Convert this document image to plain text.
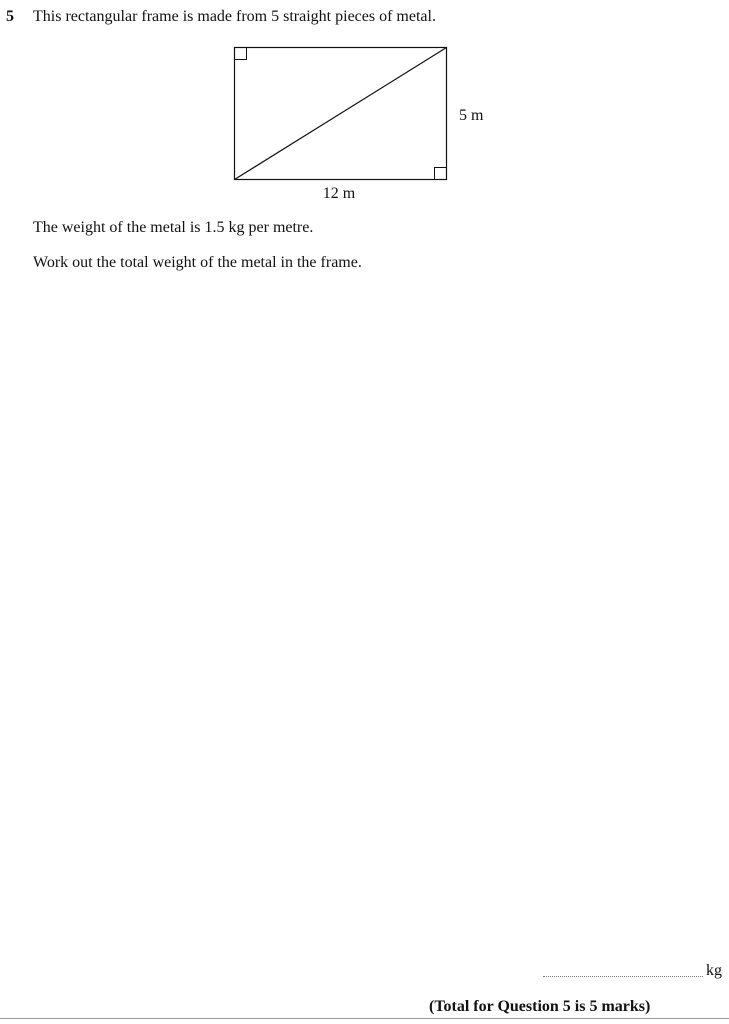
5 This rectangular frame is made from 5 straight pieces of metal.
5 m
12 m
The weight of the metal is 1.5 kg per metre.
Work out the total weight of the metal in the frame.
kg
(Total for Question 5 is 5 marks)
